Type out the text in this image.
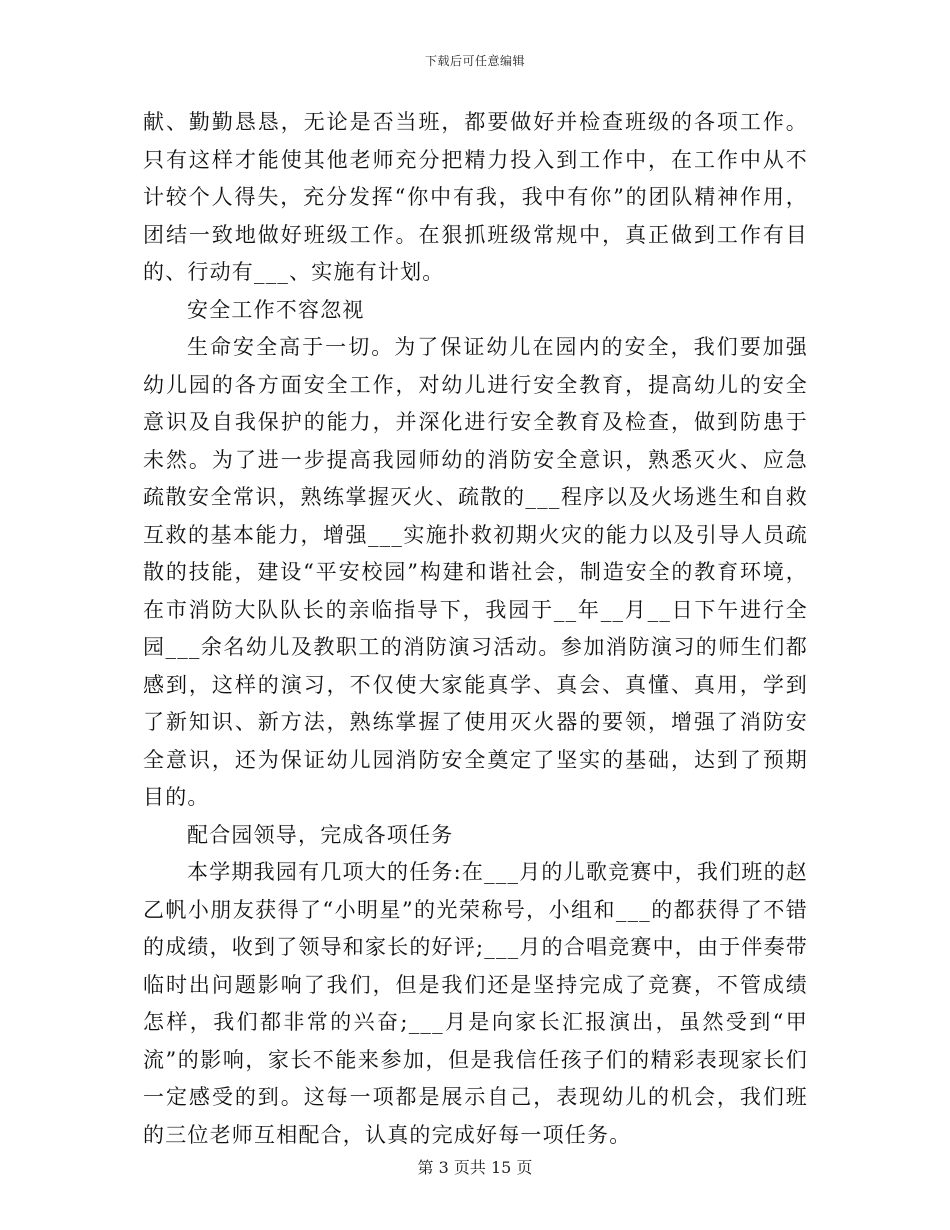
下载后可任意编辑

献、勤勤恳恳，无论是否当班，都要做好并检查班级的各项工作。只有这样才能使其他老师充分把精力投入到工作中，在工作中从不计较个人得失，充分发挥“你中有我，我中有你”的团队精神作用，团结一致地做好班级工作。在狠抓班级常规中，真正做到工作有目的、行动有___、实施有计划。

安全工作不容忽视

生命安全高于一切。为了保证幼儿在园内的安全，我们要加强幼儿园的各方面安全工作，对幼儿进行安全教育，提高幼儿的安全意识及自我保护的能力，并深化进行安全教育及检查，做到防患于未然。为了进一步提高我园师幼的消防安全意识，熟悉灭火、应急疏散安全常识，熟练掌握灭火、疏散的___程序以及火场逃生和自救互救的基本能力，增强___实施扑救初期火灾的能力以及引导人员疏散的技能，建设“平安校园”构建和谐社会，制造安全的教育环境，在市消防大队队长的亲临指导下，我园于__年__月__日下午进行全园___余名幼儿及教职工的消防演习活动。参加消防演习的师生们都感到，这样的演习，不仅使大家能真学、真会、真懂、真用，学到了新知识、新方法，熟练掌握了使用灭火器的要领，增强了消防安全意识，还为保证幼儿园消防安全奠定了坚实的基础，达到了预期目的。

配合园领导，完成各项任务

本学期我园有几项大的任务:在___月的儿歌竞赛中，我们班的赵乙帆小朋友获得了“小明星”的光荣称号，小组和___的都获得了不错的成绩，收到了领导和家长的好评;___月的合唱竞赛中，由于伴奏带临时出问题影响了我们，但是我们还是坚持完成了竞赛，不管成绩怎样，我们都非常的兴奋;___月是向家长汇报演出，虽然受到“甲流”的影响，家长不能来参加，但是我信任孩子们的精彩表现家长们一定感受的到。这每一项都是展示自己，表现幼儿的机会，我们班的三位老师互相配合，认真的完成好每一项任务。

第 3 页共 15 页
